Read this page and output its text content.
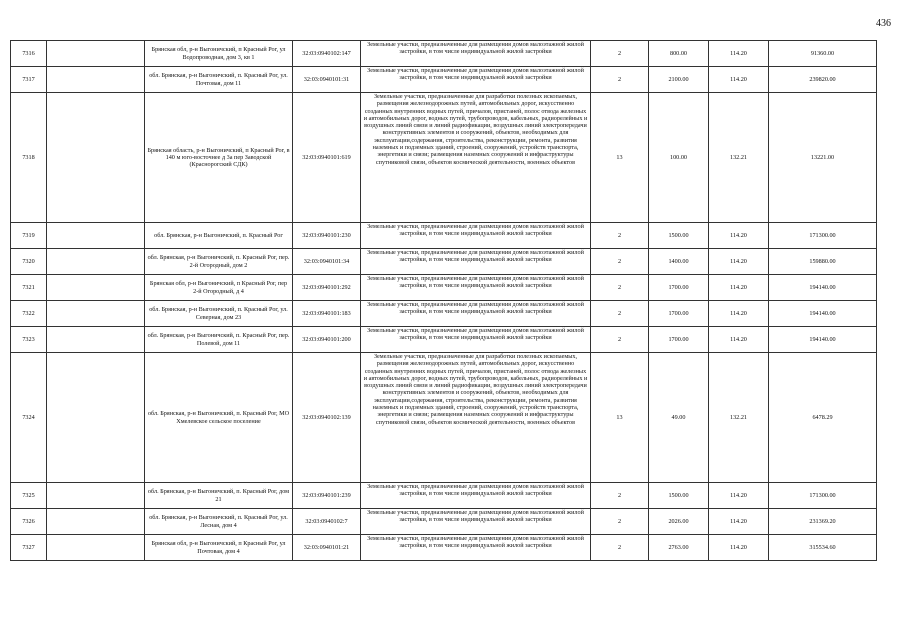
436
7316		Брянская обл, р-н Выгоничский, п Красный Рог, ул Водопроводная, дом 3, кв 1	32:03:0940102:147	Земельные участки, предназначенные для размещения домов малоэтажной жилой застройки, в том числе индивидуальной жилой застройки	2	800.00	114.20	91360.00
7317		обл. Брянская, р-н Выгоничский, п. Красный Рог, ул. Почтовая, дом 11	32:03:0940101:31	Земельные участки, предназначенные для размещения домов малоэтажной жилой застройки, в том числе индивидуальной жилой застройки	2	2100.00	114.20	239820.00
7318		Брянская область, р-н Выгоничский, п Красный Рог, в 140 м юго-восточнее д 3а пер Заводской (Краснорогский СДК)	32:03:0940101:619	Земельные участки, предназначенные для разработки полезных ископаемых, размещения железнодорожных путей, автомобильных дорог, искусственно созданных внутренних водных путей, причалов, пристаней, полос отвода железных и автомобильных дорог, водных путей, трубопроводов, кабельных, радиорелейных и воздушных линий связи и линий радиофикации, воздушных линий электропередачи конструктивных элементов и сооружений, объектов, необходимых для эксплуатации,содержания, строительства, реконструкции, ремонта, развития наземных и подземных зданий, строений, сооружений, устройств транспорта, энергетики и связи; размещения наземных сооружений и инфраструктуры спутниковой связи, объектов космической деятельности, военных объектов	13	100.00	132.21	13221.00
7319		обл. Брянская, р-н Выгоничский, п. Красный Рог	32:03:0940101:230	Земельные участки, предназначенные для размещения домов малоэтажной жилой застройки, в том числе индивидуальной жилой застройки	2	1500.00	114.20	171300.00
7320		обл. Брянская, р-н Выгоничский, п. Красный Рог, пер. 2-й Огородный, дом 2	32:03:0940101:34	Земельные участки, предназначенные для размещения домов малоэтажной жилой застройки, в том числе индивидуальной жилой застройки	2	1400.00	114.20	159880.00
7321		Брянская обл, р-н Выгоничский, п Красный Рог, пер 2-й Огородный, д 4	32:03:0940101:292	Земельные участки, предназначенные для размещения домов малоэтажной жилой застройки, в том числе индивидуальной жилой застройки	2	1700.00	114.20	194140.00
7322		обл. Брянская, р-н Выгоничский, п. Красный Рог, ул. Северная, дом 23	32:03:0940101:183	Земельные участки, предназначенные для размещения домов малоэтажной жилой застройки, в том числе индивидуальной жилой застройки	2	1700.00	114.20	194140.00
7323		обл. Брянская, р-н Выгоничский, п. Красный Рог, пер. Полевой, дом 11	32:03:0940101:200	Земельные участки, предназначенные для размещения домов малоэтажной жилой застройки, в том числе индивидуальной жилой застройки	2	1700.00	114.20	194140.00
7324		обл. Брянская, р-н Выгоничский, п. Красный Рог, МО Хмелевское сельское поселение	32:03:0940102:139	Земельные участки, предназначенные для разработки полезных ископаемых, размещения железнодорожных путей, автомобильных дорог, искусственно созданных внутренних водных путей, причалов, пристаней, полос отвода железных и автомобильных дорог, водных путей, трубопроводов, кабельных, радиорелейных и воздушных линий связи и линий радиофикации, воздушных линий электропередачи конструктивных элементов и сооружений, объектов, необходимых для эксплуатации,содержания, строительства, реконструкции, ремонта, развития наземных и подземных зданий, строений, сооружений, устройств транспорта, энергетики и связи; размещения наземных сооружений и инфраструктуры спутниковой связи, объектов космической деятельности, военных объектов	13	49.00	132.21	6478.29
7325		обл. Брянская, р-н Выгоничский, п. Красный Рог, дом 21	32:03:0940101:239	Земельные участки, предназначенные для размещения домов малоэтажной жилой застройки, в том числе индивидуальной жилой застройки	2	1500.00	114.20	171300.00
7326		обл. Брянская, р-н Выгоничский, п. Красный Рог, ул. Лесная, дом 4	32:03:0940102:7	Земельные участки, предназначенные для размещения домов малоэтажной жилой застройки, в том числе индивидуальной жилой застройки	2	2026.00	114.20	231369.20
7327		Брянская обл, р-н Выгоничский, п Красный Рог, ул Почтовая, дом 4	32:03:0940101:21	Земельные участки, предназначенные для размещения домов малоэтажной жилой застройки, в том числе индивидуальной жилой застройки	2	2763.00	114.20	315534.60
